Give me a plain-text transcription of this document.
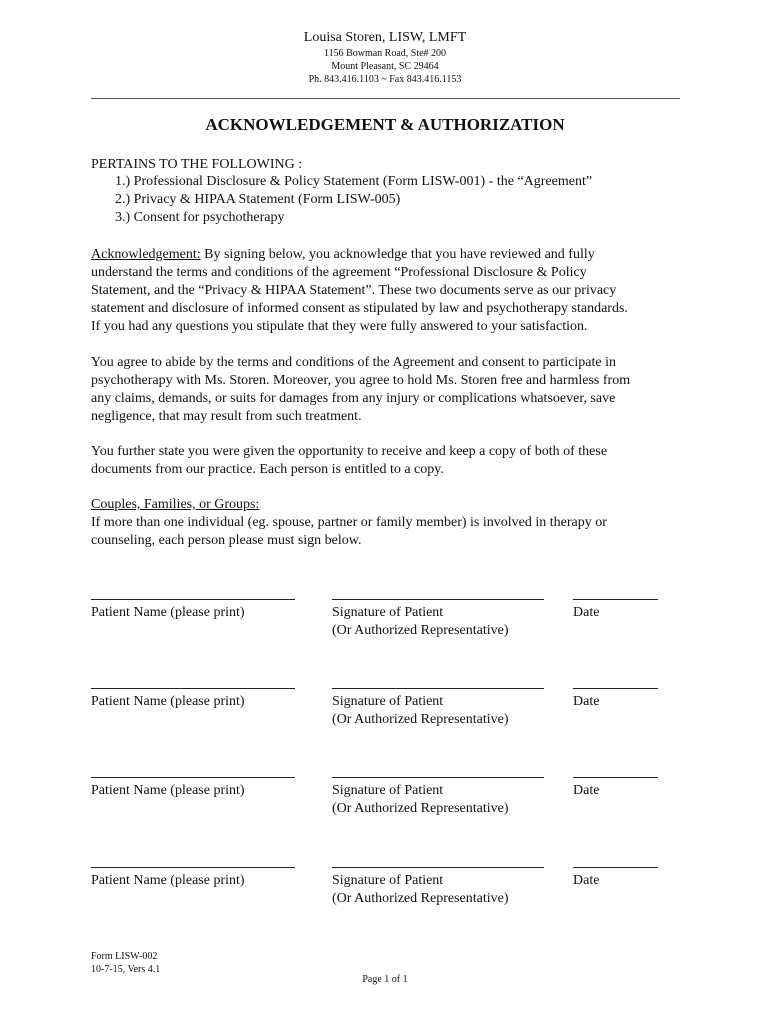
Louisa Storen, LISW, LMFT
1156 Bowman Road, Ste# 200
Mount Pleasant, SC 29464
Ph. 843.416.1103 ~ Fax 843.416.1153
ACKNOWLEDGEMENT & AUTHORIZATION
PERTAINS TO THE FOLLOWING :
1.) Professional Disclosure & Policy Statement (Form LISW-001) - the “Agreement”
2.) Privacy & HIPAA Statement (Form LISW-005)
3.) Consent for psychotherapy
Acknowledgement: By signing below, you acknowledge that you have reviewed and fully
understand the terms and conditions of the agreement “Professional Disclosure & Policy
Statement, and the “Privacy & HIPAA Statement”. These two documents serve as our privacy
statement and disclosure of informed consent as stipulated by law and psychotherapy standards.
If you had any questions you stipulate that they were fully answered to your satisfaction.
You agree to abide by the terms and conditions of the Agreement and consent to participate in
psychotherapy with Ms. Storen. Moreover, you agree to hold Ms. Storen free and harmless from
any claims, demands, or suits for damages from any injury or complications whatsoever, save
negligence, that may result from such treatment.
You further state you were given the opportunity to receive and keep a copy of both of these
documents from our practice. Each person is entitled to a copy.
Couples, Families, or Groups:
If more than one individual (eg. spouse, partner or family member) is involved in therapy or
counseling, each person please must sign below.
Patient Name (please print)	Signature of Patient
(Or Authorized Representative)
Date
Patient Name (please print)	Signature of Patient
(Or Authorized Representative)
Date
Patient Name (please print)	Signature of Patient
(Or Authorized Representative)
Date
Patient Name (please print)	Signature of Patient
(Or Authorized Representative)
Date
Form LISW-002
10-7-15, Vers 4.1
Page 1 of 1
